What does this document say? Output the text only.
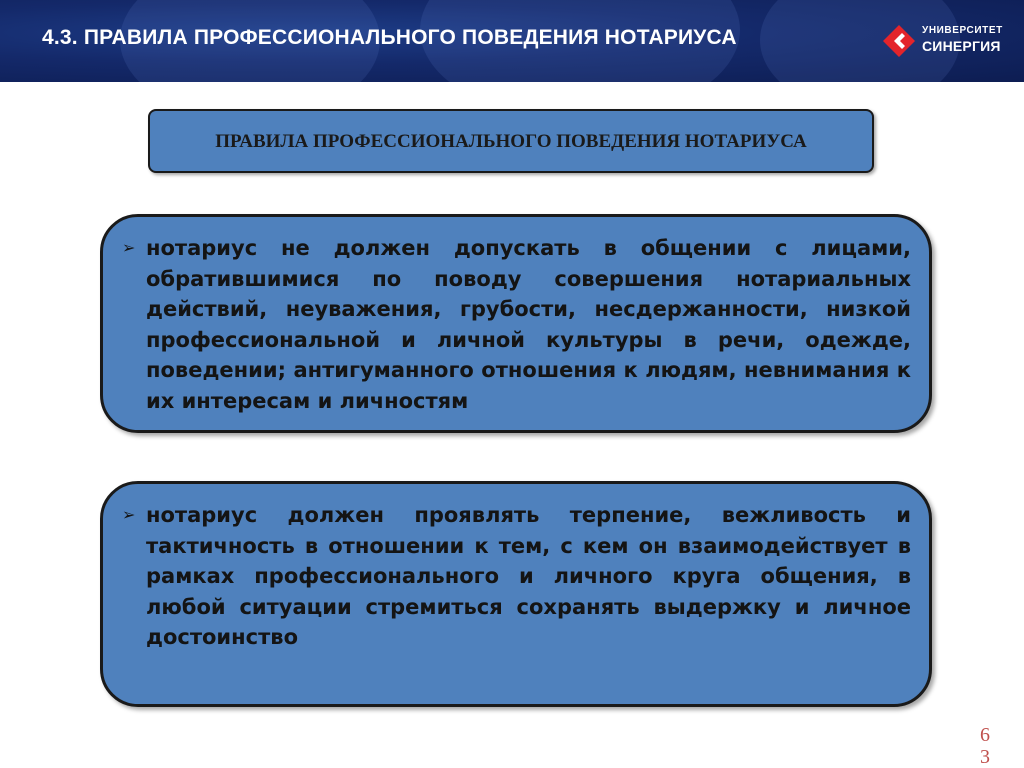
4.3. ПРАВИЛА ПРОФЕССИОНАЛЬНОГО ПОВЕДЕНИЯ НОТАРИУСА	УНИВЕРСИТЕТ
СИНЕРГИЯ
ПРАВИЛА ПРОФЕССИОНАЛЬНОГО ПОВЕДЕНИЯ НОТАРИУСА
➢ нотариус не должен допускать в общении с лицами, обратившимися по поводу совершения нотариальных действий, неуважения, грубости, несдержанности, низкой профессиональной и личной культуры в речи, одежде, поведении; антигуманного отношения к людям, невнимания к их интересам и личностям
➢ нотариус должен проявлять терпение, вежливость и тактичность в отношении к тем, с кем он взаимодействует в рамках профессионального и личного круга общения, в любой ситуации стремиться сохранять выдержку и личное достоинство
63
